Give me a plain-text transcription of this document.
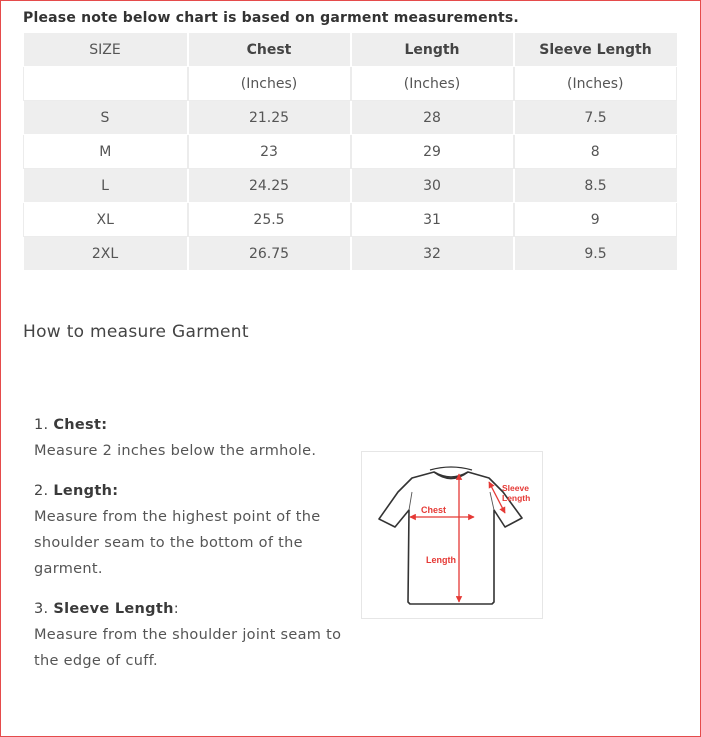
Please note below chart is based on garment measurements.
SIZE	Chest	Length	Sleeve Length
	(Inches)	(Inches)	(Inches)
S	21.25	28	7.5
M	23	29	8
L	24.25	30	8.5
XL	25.5	31	9
2XL	26.75	32	9.5
How to measure Garment
1. Chest:
Measure 2 inches below the armhole.
2. Length:
Measure from the highest point of the shoulder seam to the bottom of the garment.
3. Sleeve Length:
Measure from the shoulder joint seam to the edge of cuff.
Chest
Length
Sleeve
Length
